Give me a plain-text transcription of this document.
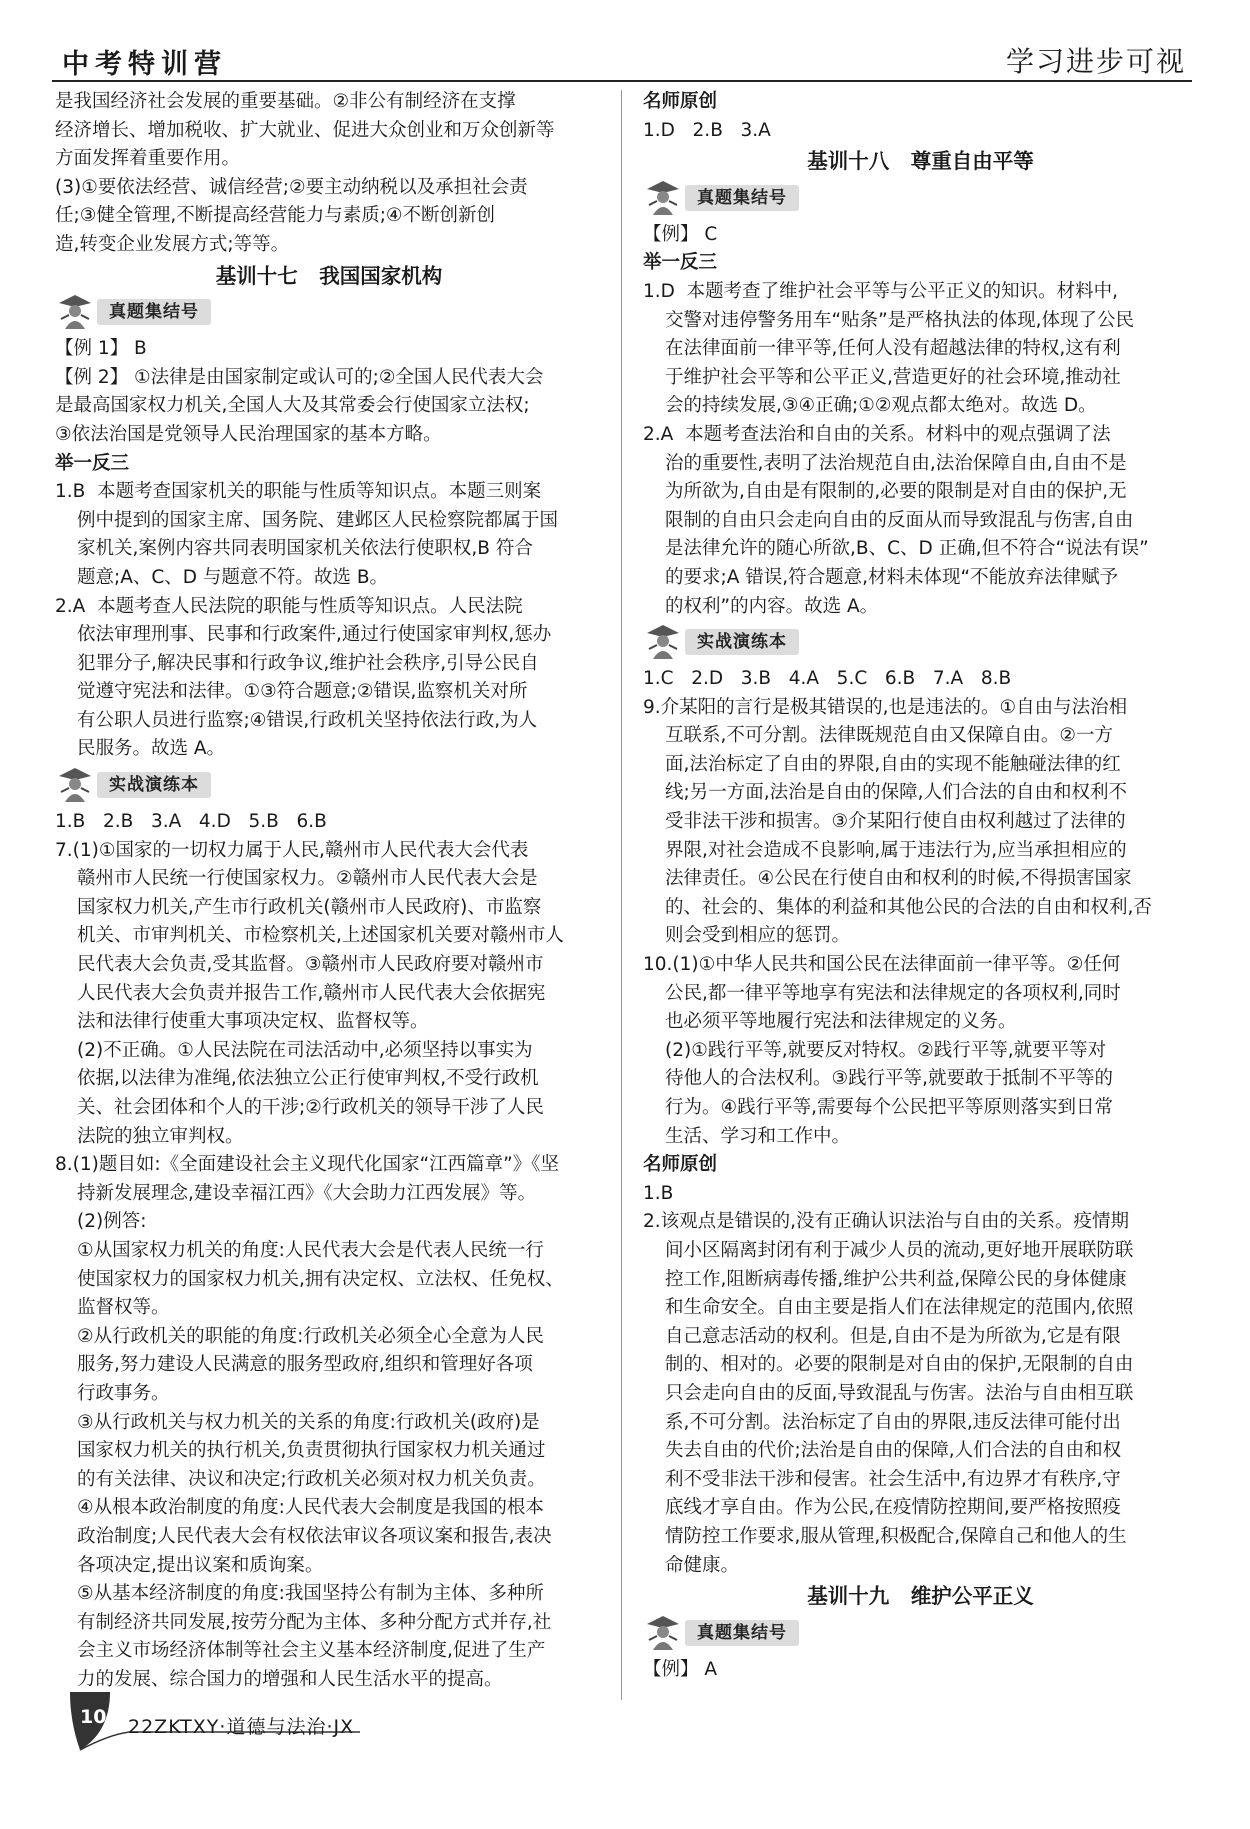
中考特训营	学习进步可视
是我国经济社会发展的重要基础。②非公有制经济在支撑
经济增长、增加税收、扩大就业、促进大众创业和万众创新等
方面发挥着重要作用。
(3)①要依法经营、诚信经营;②要主动纳税以及承担社会责
任;③健全管理,不断提高经营能力与素质;④不断创新创
造,转变企业发展方式;等等。
基训十七   我国国家机构
真题集结号
【例 1】 B
【例 2】 ①法律是由国家制定或认可的;②全国人民代表大会
是最高国家权力机关,全国人大及其常委会行使国家立法权;
③依法治国是党领导人民治理国家的基本方略。
举一反三
1.B  本题考查国家机关的职能与性质等知识点。本题三则案
例中提到的国家主席、国务院、建邺区人民检察院都属于国
家机关,案例内容共同表明国家机关依法行使职权,B 符合
题意;A、C、D 与题意不符。故选 B。
2.A  本题考查人民法院的职能与性质等知识点。人民法院
依法审理刑事、民事和行政案件,通过行使国家审判权,惩办
犯罪分子,解决民事和行政争议,维护社会秩序,引导公民自
觉遵守宪法和法律。①③符合题意;②错误,监察机关对所
有公职人员进行监察;④错误,行政机关坚持依法行政,为人
民服务。故选 A。
实战演练本
1.B   2.B   3.A   4.D   5.B   6.B
7.(1)①国家的一切权力属于人民,赣州市人民代表大会代表
赣州市人民统一行使国家权力。②赣州市人民代表大会是
国家权力机关,产生市行政机关(赣州市人民政府)、市监察
机关、市审判机关、市检察机关,上述国家机关要对赣州市人
民代表大会负责,受其监督。③赣州市人民政府要对赣州市
人民代表大会负责并报告工作,赣州市人民代表大会依据宪
法和法律行使重大事项决定权、监督权等。
(2)不正确。①人民法院在司法活动中,必须坚持以事实为
依据,以法律为准绳,依法独立公正行使审判权,不受行政机
关、社会团体和个人的干涉;②行政机关的领导干涉了人民
法院的独立审判权。
8.(1)题目如:《全面建设社会主义现代化国家“江西篇章”》《坚
持新发展理念,建设幸福江西》《大会助力江西发展》等。
(2)例答:
①从国家权力机关的角度:人民代表大会是代表人民统一行
使国家权力的国家权力机关,拥有决定权、立法权、任免权、
监督权等。
②从行政机关的职能的角度:行政机关必须全心全意为人民
服务,努力建设人民满意的服务型政府,组织和管理好各项
行政事务。
③从行政机关与权力机关的关系的角度:行政机关(政府)是
国家权力机关的执行机关,负责贯彻执行国家权力机关通过
的有关法律、决议和决定;行政机关必须对权力机关负责。
④从根本政治制度的角度:人民代表大会制度是我国的根本
政治制度;人民代表大会有权依法审议各项议案和报告,表决
各项决定,提出议案和质询案。
⑤从基本经济制度的角度:我国坚持公有制为主体、多种所
有制经济共同发展,按劳分配为主体、多种分配方式并存,社
会主义市场经济体制等社会主义基本经济制度,促进了生产
力的发展、综合国力的增强和人民生活水平的提高。
名师原创
1.D   2.B   3.A
基训十八   尊重自由平等
真题集结号
【例】 C
举一反三
1.D  本题考查了维护社会平等与公平正义的知识。材料中,
交警对违停警务用车“贴条”是严格执法的体现,体现了公民
在法律面前一律平等,任何人没有超越法律的特权,这有利
于维护社会平等和公平正义,营造更好的社会环境,推动社
会的持续发展,③④正确;①②观点都太绝对。故选 D。
2.A  本题考查法治和自由的关系。材料中的观点强调了法
治的重要性,表明了法治规范自由,法治保障自由,自由不是
为所欲为,自由是有限制的,必要的限制是对自由的保护,无
限制的自由只会走向自由的反面从而导致混乱与伤害,自由
是法律允许的随心所欲,B、C、D 正确,但不符合“说法有误”
的要求;A 错误,符合题意,材料未体现“不能放弃法律赋予
的权利”的内容。故选 A。
实战演练本
1.C   2.D   3.B   4.A   5.C   6.B   7.A   8.B
9.介某阳的言行是极其错误的,也是违法的。①自由与法治相
互联系,不可分割。法律既规范自由又保障自由。②一方
面,法治标定了自由的界限,自由的实现不能触碰法律的红
线;另一方面,法治是自由的保障,人们合法的自由和权利不
受非法干涉和损害。③介某阳行使自由权利越过了法律的
界限,对社会造成不良影响,属于违法行为,应当承担相应的
法律责任。④公民在行使自由和权利的时候,不得损害国家
的、社会的、集体的利益和其他公民的合法的自由和权利,否
则会受到相应的惩罚。
10.(1)①中华人民共和国公民在法律面前一律平等。②任何
公民,都一律平等地享有宪法和法律规定的各项权利,同时
也必须平等地履行宪法和法律规定的义务。
(2)①践行平等,就要反对特权。②践行平等,就要平等对
待他人的合法权利。③践行平等,就要敢于抵制不平等的
行为。④践行平等,需要每个公民把平等原则落实到日常
生活、学习和工作中。
名师原创
1.B
2.该观点是错误的,没有正确认识法治与自由的关系。疫情期
间小区隔离封闭有利于减少人员的流动,更好地开展联防联
控工作,阻断病毒传播,维护公共利益,保障公民的身体健康
和生命安全。自由主要是指人们在法律规定的范围内,依照
自己意志活动的权利。但是,自由不是为所欲为,它是有限
制的、相对的。必要的限制是对自由的保护,无限制的自由
只会走向自由的反面,导致混乱与伤害。法治与自由相互联
系,不可分割。法治标定了自由的界限,违反法律可能付出
失去自由的代价;法治是自由的保障,人们合法的自由和权
利不受非法干涉和侵害。社会生活中,有边界才有秩序,守
底线才享自由。作为公民,在疫情防控期间,要严格按照疫
情防控工作要求,服从管理,积极配合,保障自己和他人的生
命健康。
基训十九   维护公平正义
真题集结号
【例】 A
10 22ZKTXY·道德与法治·JX
